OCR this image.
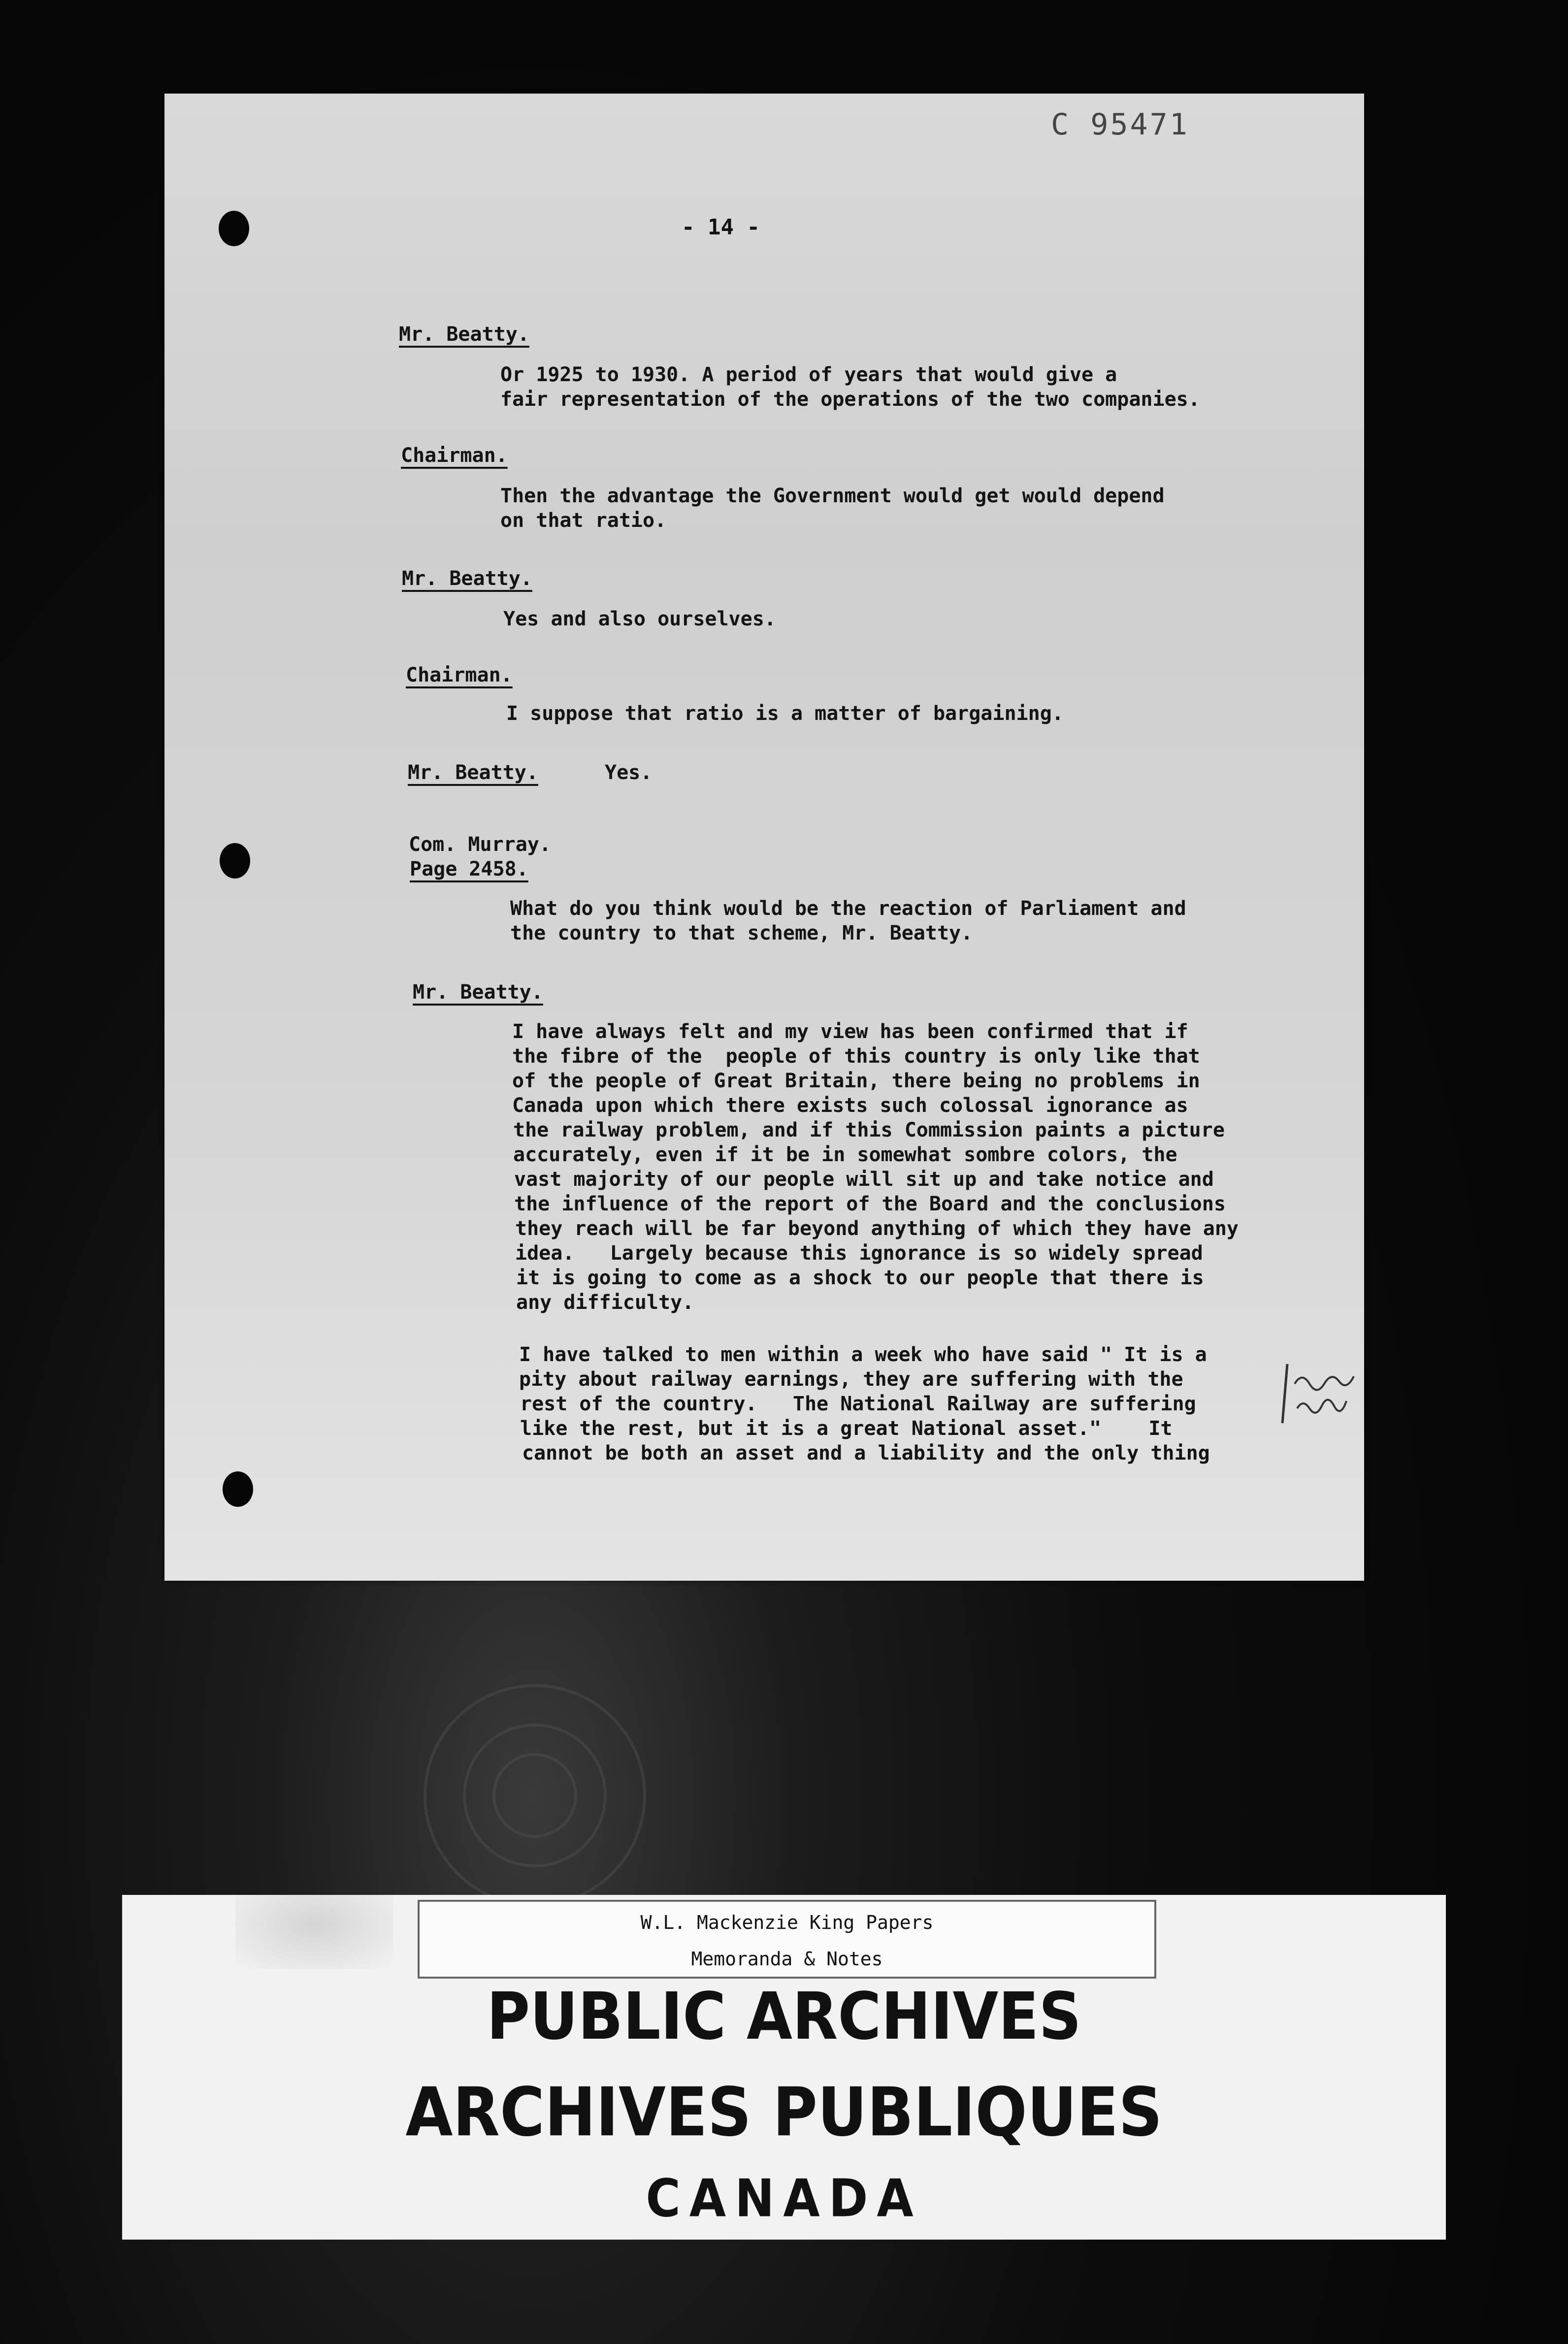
C 95471
- 14 -

Mr. Beatty.

Or 1925 to 1930. A period of years that would give a

fair representation of the operations of the two companies.

Chairman.

Then the advantage the Government would get would depend

on that ratio.

Mr. Beatty.

Yes and also ourselves.

Chairman.

I suppose that ratio is a matter of bargaining.

Mr. Beatty.	Yes.

Com. Murray.

Page 2458.

What do you think would be the reaction of Parliament and

the country to that scheme, Mr. Beatty.

Mr. Beatty.

I have always felt and my view has been confirmed that if

the fibre of the  people of this country is only like that

of the people of Great Britain, there being no problems in

Canada upon which there exists such colossal ignorance as

the railway problem, and if this Commission paints a picture

accurately, even if it be in somewhat sombre colors, the

vast majority of our people will sit up and take notice and

the influence of the report of the Board and the conclusions

they reach will be far beyond anything of which they have any

idea.   Largely because this ignorance is so widely spread

it is going to come as a shock to our people that there is

any difficulty.

I have talked to men within a week who have said " It is a

pity about railway earnings, they are suffering with the

rest of the country.   The National Railway are suffering

like the rest, but it is a great National asset."    It

cannot be both an asset and a liability and the only thing

W.L. Mackenzie King Papers
Memoranda & Notes
PUBLIC ARCHIVES
ARCHIVES PUBLIQUES
CANADA
